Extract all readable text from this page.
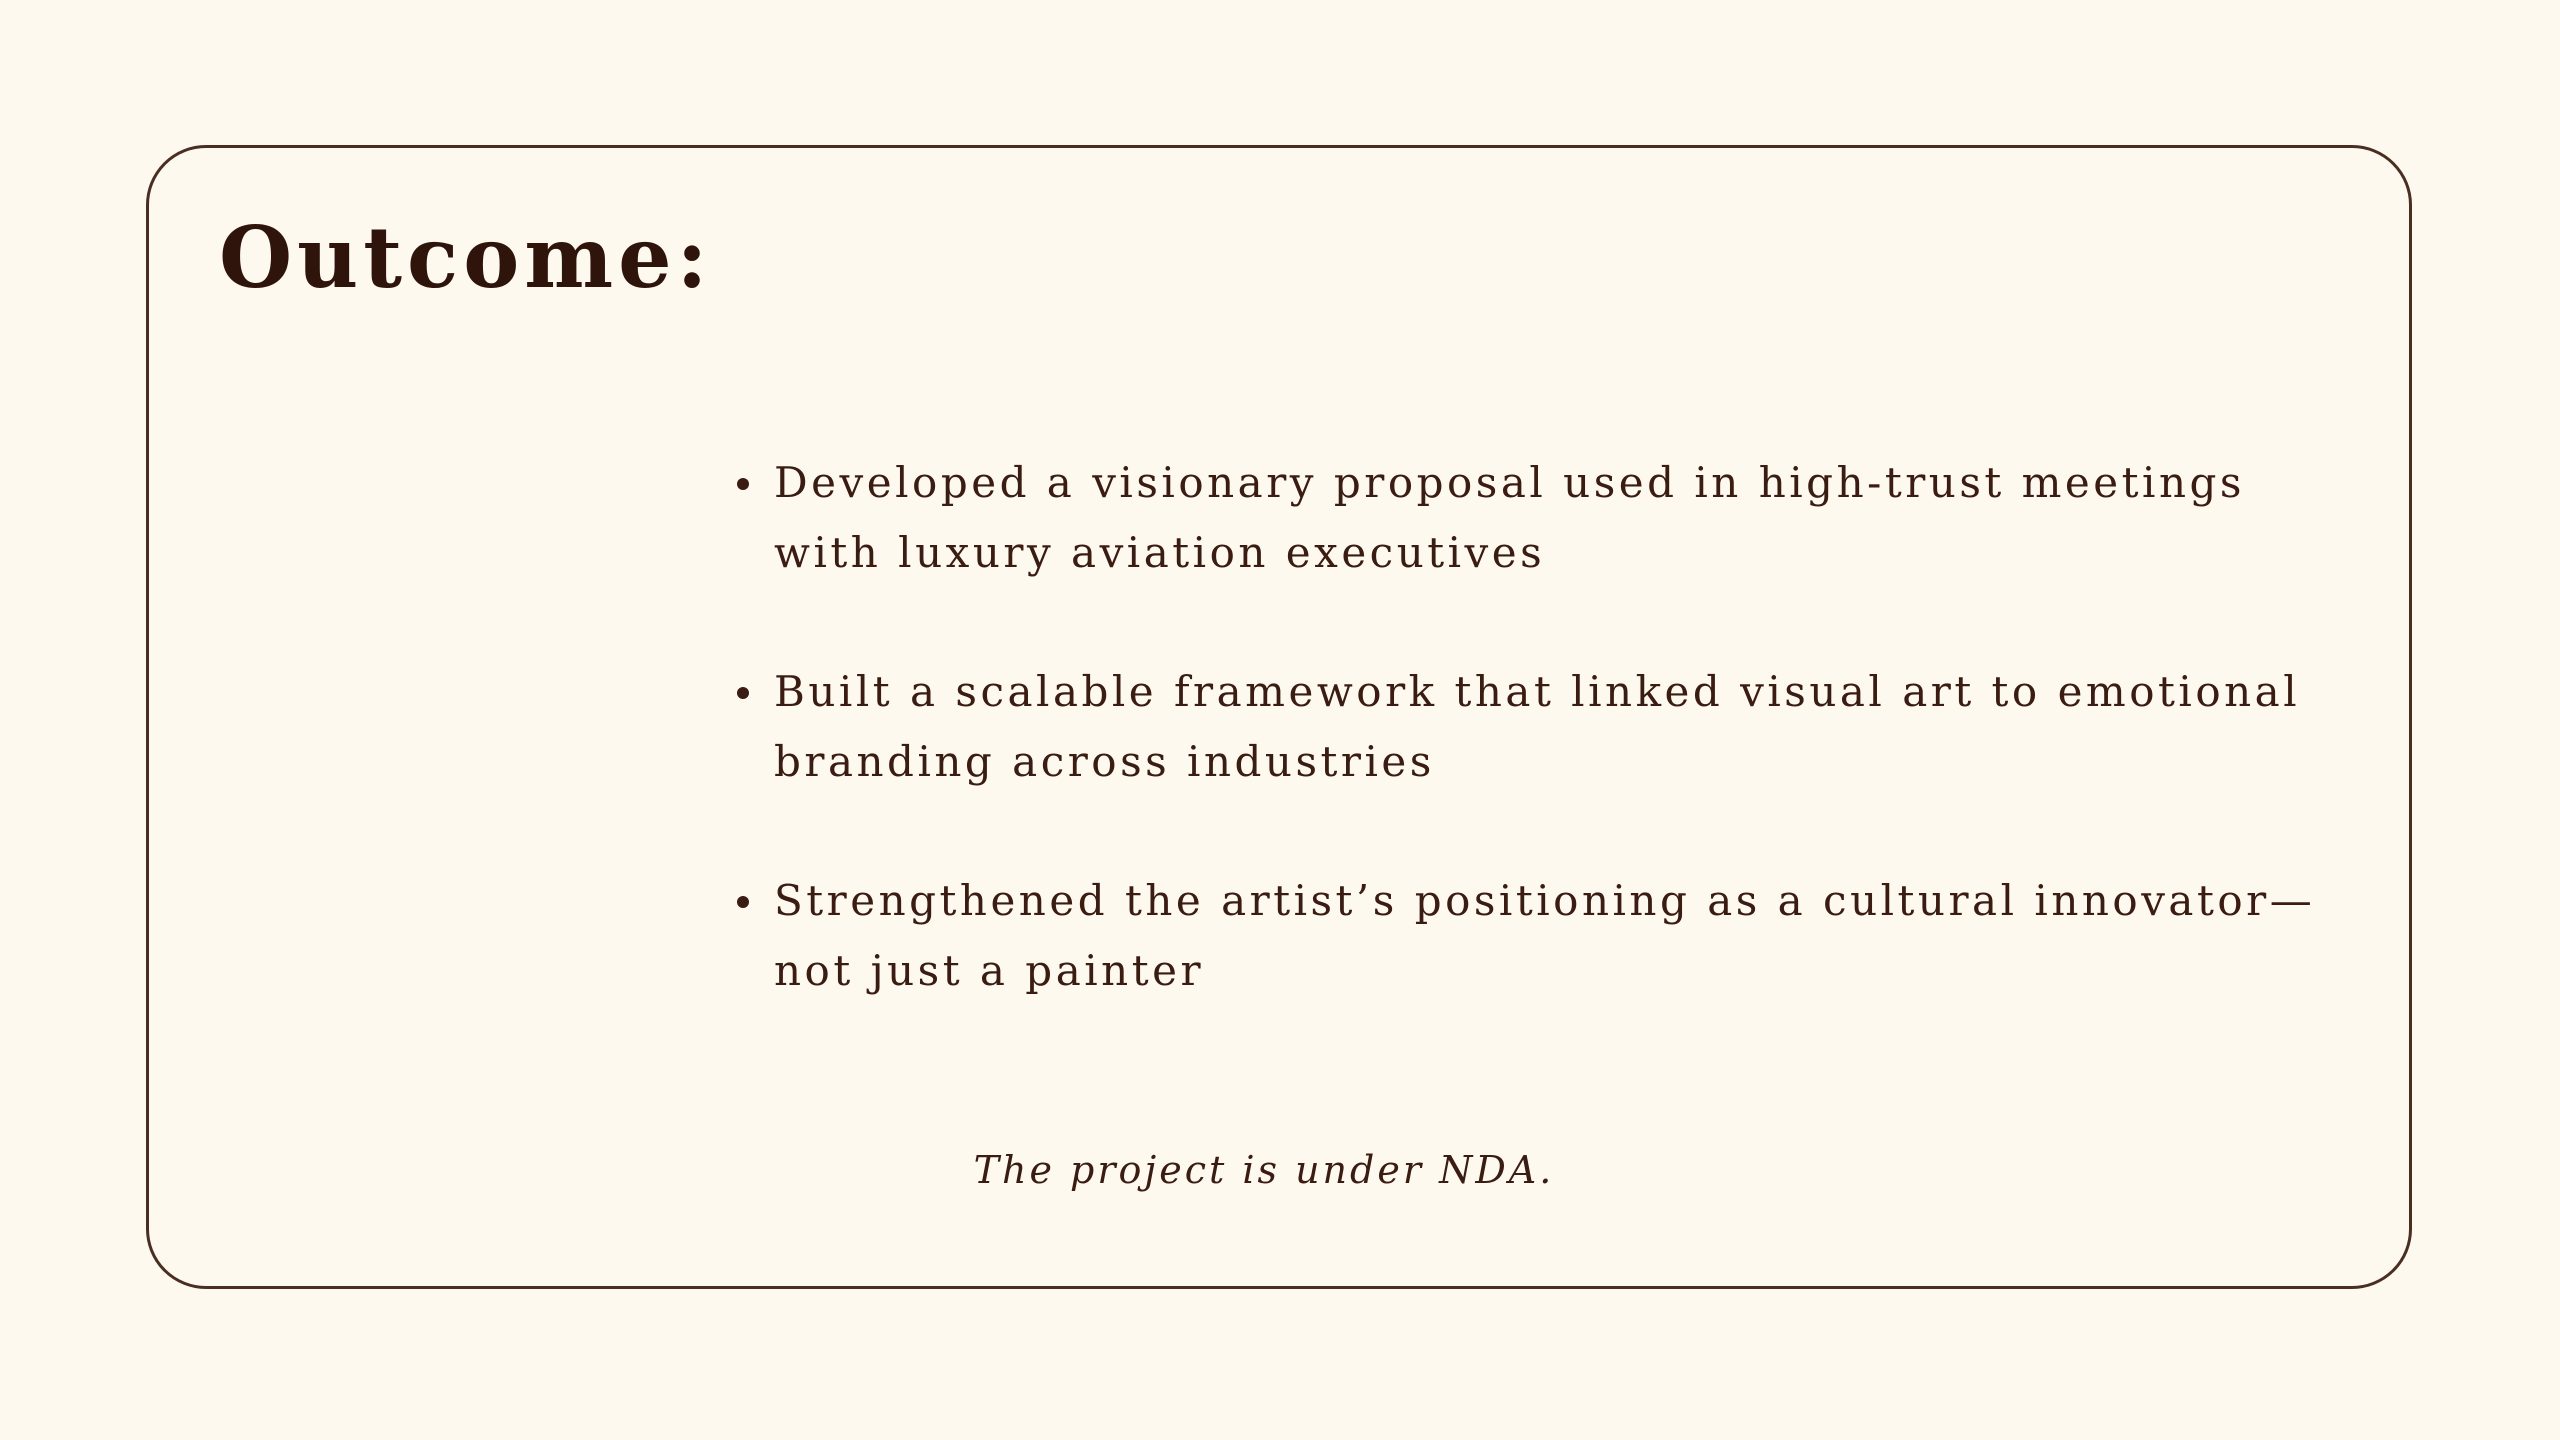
Outcome:
Developed a visionary proposal used in high-trust meetings with luxury aviation executives
Built a scalable framework that linked visual art to emotional branding across industries
Strengthened the artist’s positioning as a cultural innovator—not just a painter

The project is under NDA.
